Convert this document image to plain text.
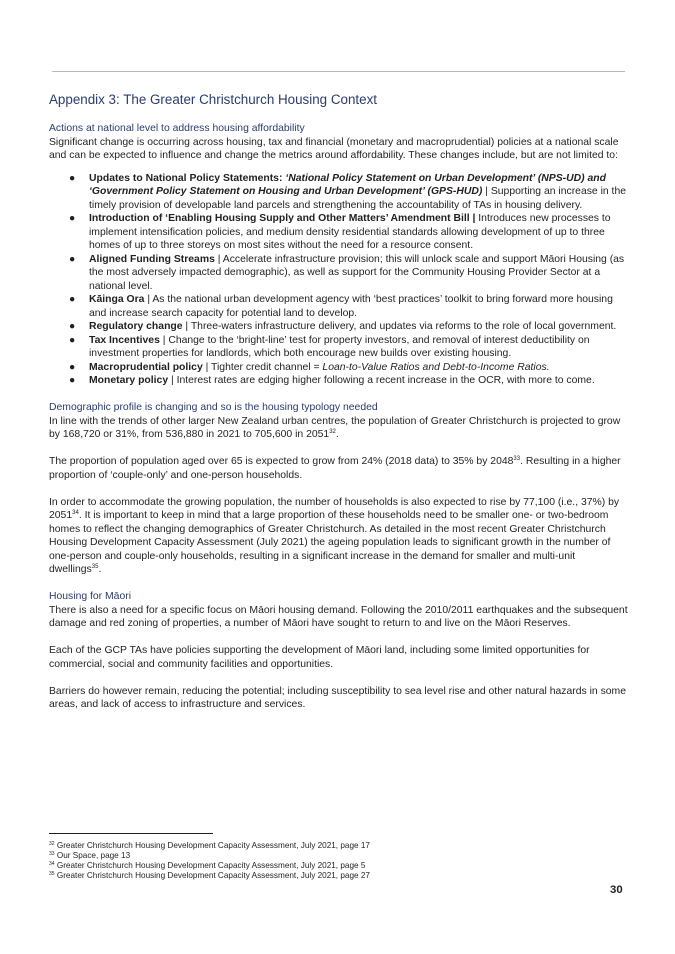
Appendix 3: The Greater Christchurch Housing Context

Actions at national level to address housing affordability

Significant change is occurring across housing, tax and financial (monetary and macroprudential) policies at a national scale and can be expected to influence and change the metrics around affordability. These changes include, but are not limited to:

● Updates to National Policy Statements: ‘National Policy Statement on Urban Development’ (NPS-UD) and ‘Government Policy Statement on Housing and Urban Development’ (GPS-HUD) | Supporting an increase in the timely provision of developable land parcels and strengthening the accountability of TAs in housing delivery.
● Introduction of ‘Enabling Housing Supply and Other Matters’ Amendment Bill | Introduces new processes to implement intensification policies, and medium density residential standards allowing development of up to three homes of up to three storeys on most sites without the need for a resource consent.
● Aligned Funding Streams | Accelerate infrastructure provision; this will unlock scale and support Māori Housing (as the most adversely impacted demographic), as well as support for the Community Housing Provider Sector at a national level.
● Kāinga Ora | As the national urban development agency with ‘best practices’ toolkit to bring forward more housing and increase search capacity for potential land to develop.
● Regulatory change | Three-waters infrastructure delivery, and updates via reforms to the role of local government.
● Tax Incentives | Change to the ‘bright-line’ test for property investors, and removal of interest deductibility on investment properties for landlords, which both encourage new builds over existing housing.
● Macroprudential policy | Tighter credit channel = Loan-to-Value Ratios and Debt-to-Income Ratios.
● Monetary policy | Interest rates are edging higher following a recent increase in the OCR, with more to come.

Demographic profile is changing and so is the housing typology needed

In line with the trends of other larger New Zealand urban centres, the population of Greater Christchurch is projected to grow by 168,720 or 31%, from 536,880 in 2021 to 705,600 in 2051$^{32}$.

The proportion of population aged over 65 is expected to grow from 24% (2018 data) to 35% by 2048$^{33}$. Resulting in a higher proportion of ‘couple-only’ and one-person households.

In order to accommodate the growing population, the number of households is also expected to rise by 77,100 (i.e., 37%) by 2051$^{34}$. It is important to keep in mind that a large proportion of these households need to be smaller one- or two-bedroom homes to reflect the changing demographics of Greater Christchurch. As detailed in the most recent Greater Christchurch Housing Development Capacity Assessment (July 2021) the ageing population leads to significant growth in the number of one-person and couple-only households, resulting in a significant increase in the demand for smaller and multi-unit dwellings$^{35}$.

Housing for Māori

There is also a need for a specific focus on Māori housing demand. Following the 2010/2011 earthquakes and the subsequent damage and red zoning of properties, a number of Māori have sought to return to and live on the Māori Reserves.

Each of the GCP TAs have policies supporting the development of Māori land, including some limited opportunities for commercial, social and community facilities and opportunities.

Barriers do however remain, reducing the potential; including susceptibility to sea level rise and other natural hazards in some areas, and lack of access to infrastructure and services.

$^{32}$ Greater Christchurch Housing Development Capacity Assessment, July 2021, page 17

$^{33}$ Our Space, page 13

$^{34}$ Greater Christchurch Housing Development Capacity Assessment, July 2021, page 5

$^{35}$ Greater Christchurch Housing Development Capacity Assessment, July 2021, page 27

30
